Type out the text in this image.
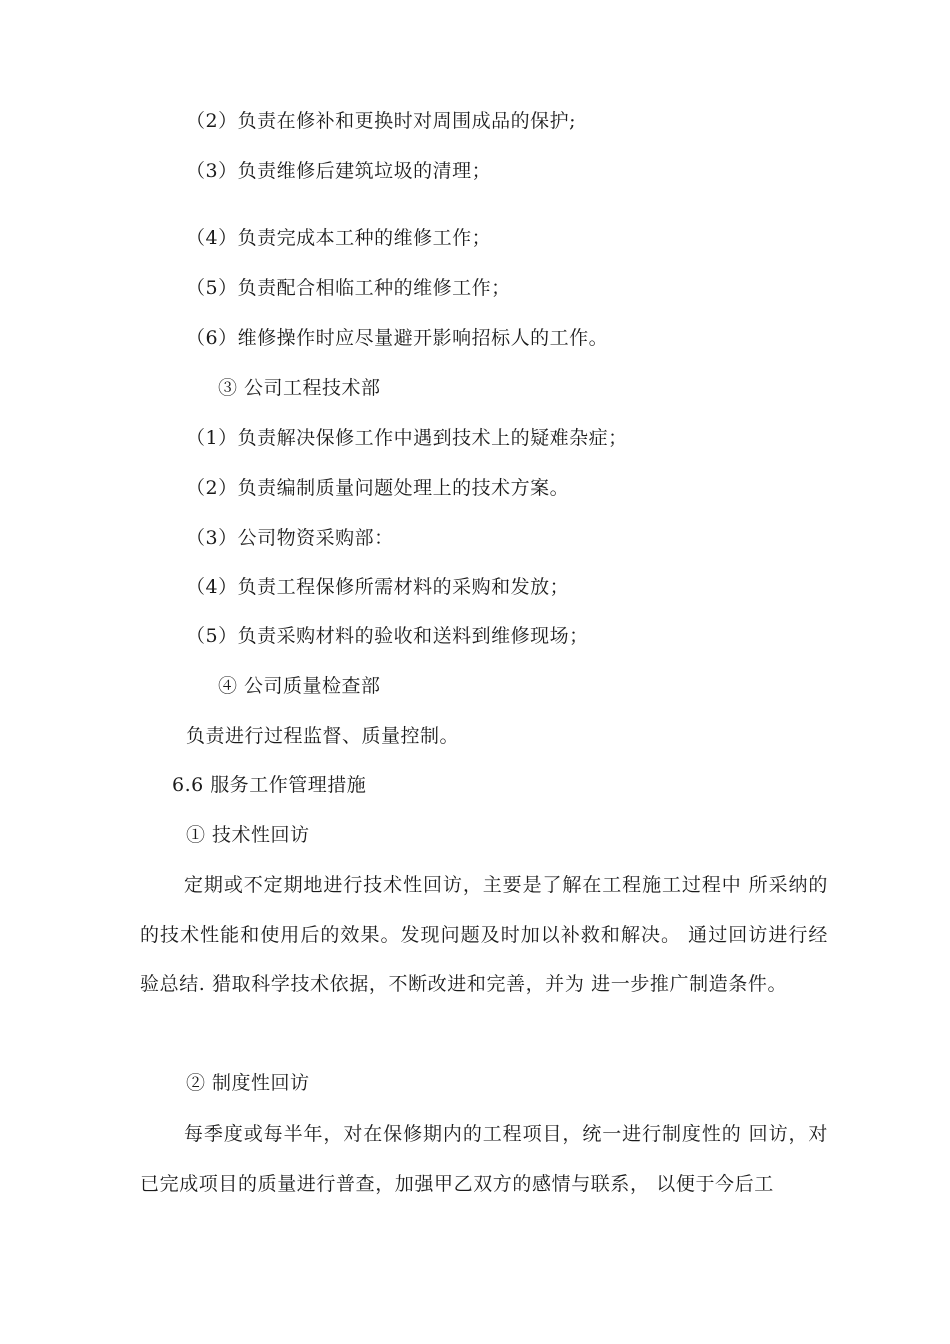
（2）负责在修补和更换时对周围成品的保护;
（3）负责维修后建筑垃圾的清理；
（4）负责完成本工种的维修工作；
（5）负责配合相临工种的维修工作；
（6）维修操作时应尽量避开影响招标人的工作。
③ 公司工程技术部
（1）负责解决保修工作中遇到技术上的疑难杂症；
（2）负责编制质量问题处理上的技术方案。
（3）公司物资采购部：
（4）负责工程保修所需材料的采购和发放；
（5）负责采购材料的验收和送料到维修现场；
④ 公司质量检查部
负责进行过程监督、质量控制。
6.6 服务工作管理措施
① 技术性回访
定期或不定期地进行技术性回访，主要是了解在工程施工过程中 所采纳的的技术性能和使用后的效果。发现问题及时加以补救和解决。 通过回访进行经验总结. 猎取科学技术依据，不断改进和完善，并为 进一步推广制造条件。
② 制度性回访
每季度或每半年，对在保修期内的工程项目，统一进行制度性的 回访，对已完成项目的质量进行普查，加强甲乙双方的感情与联系， 以便于今后工
